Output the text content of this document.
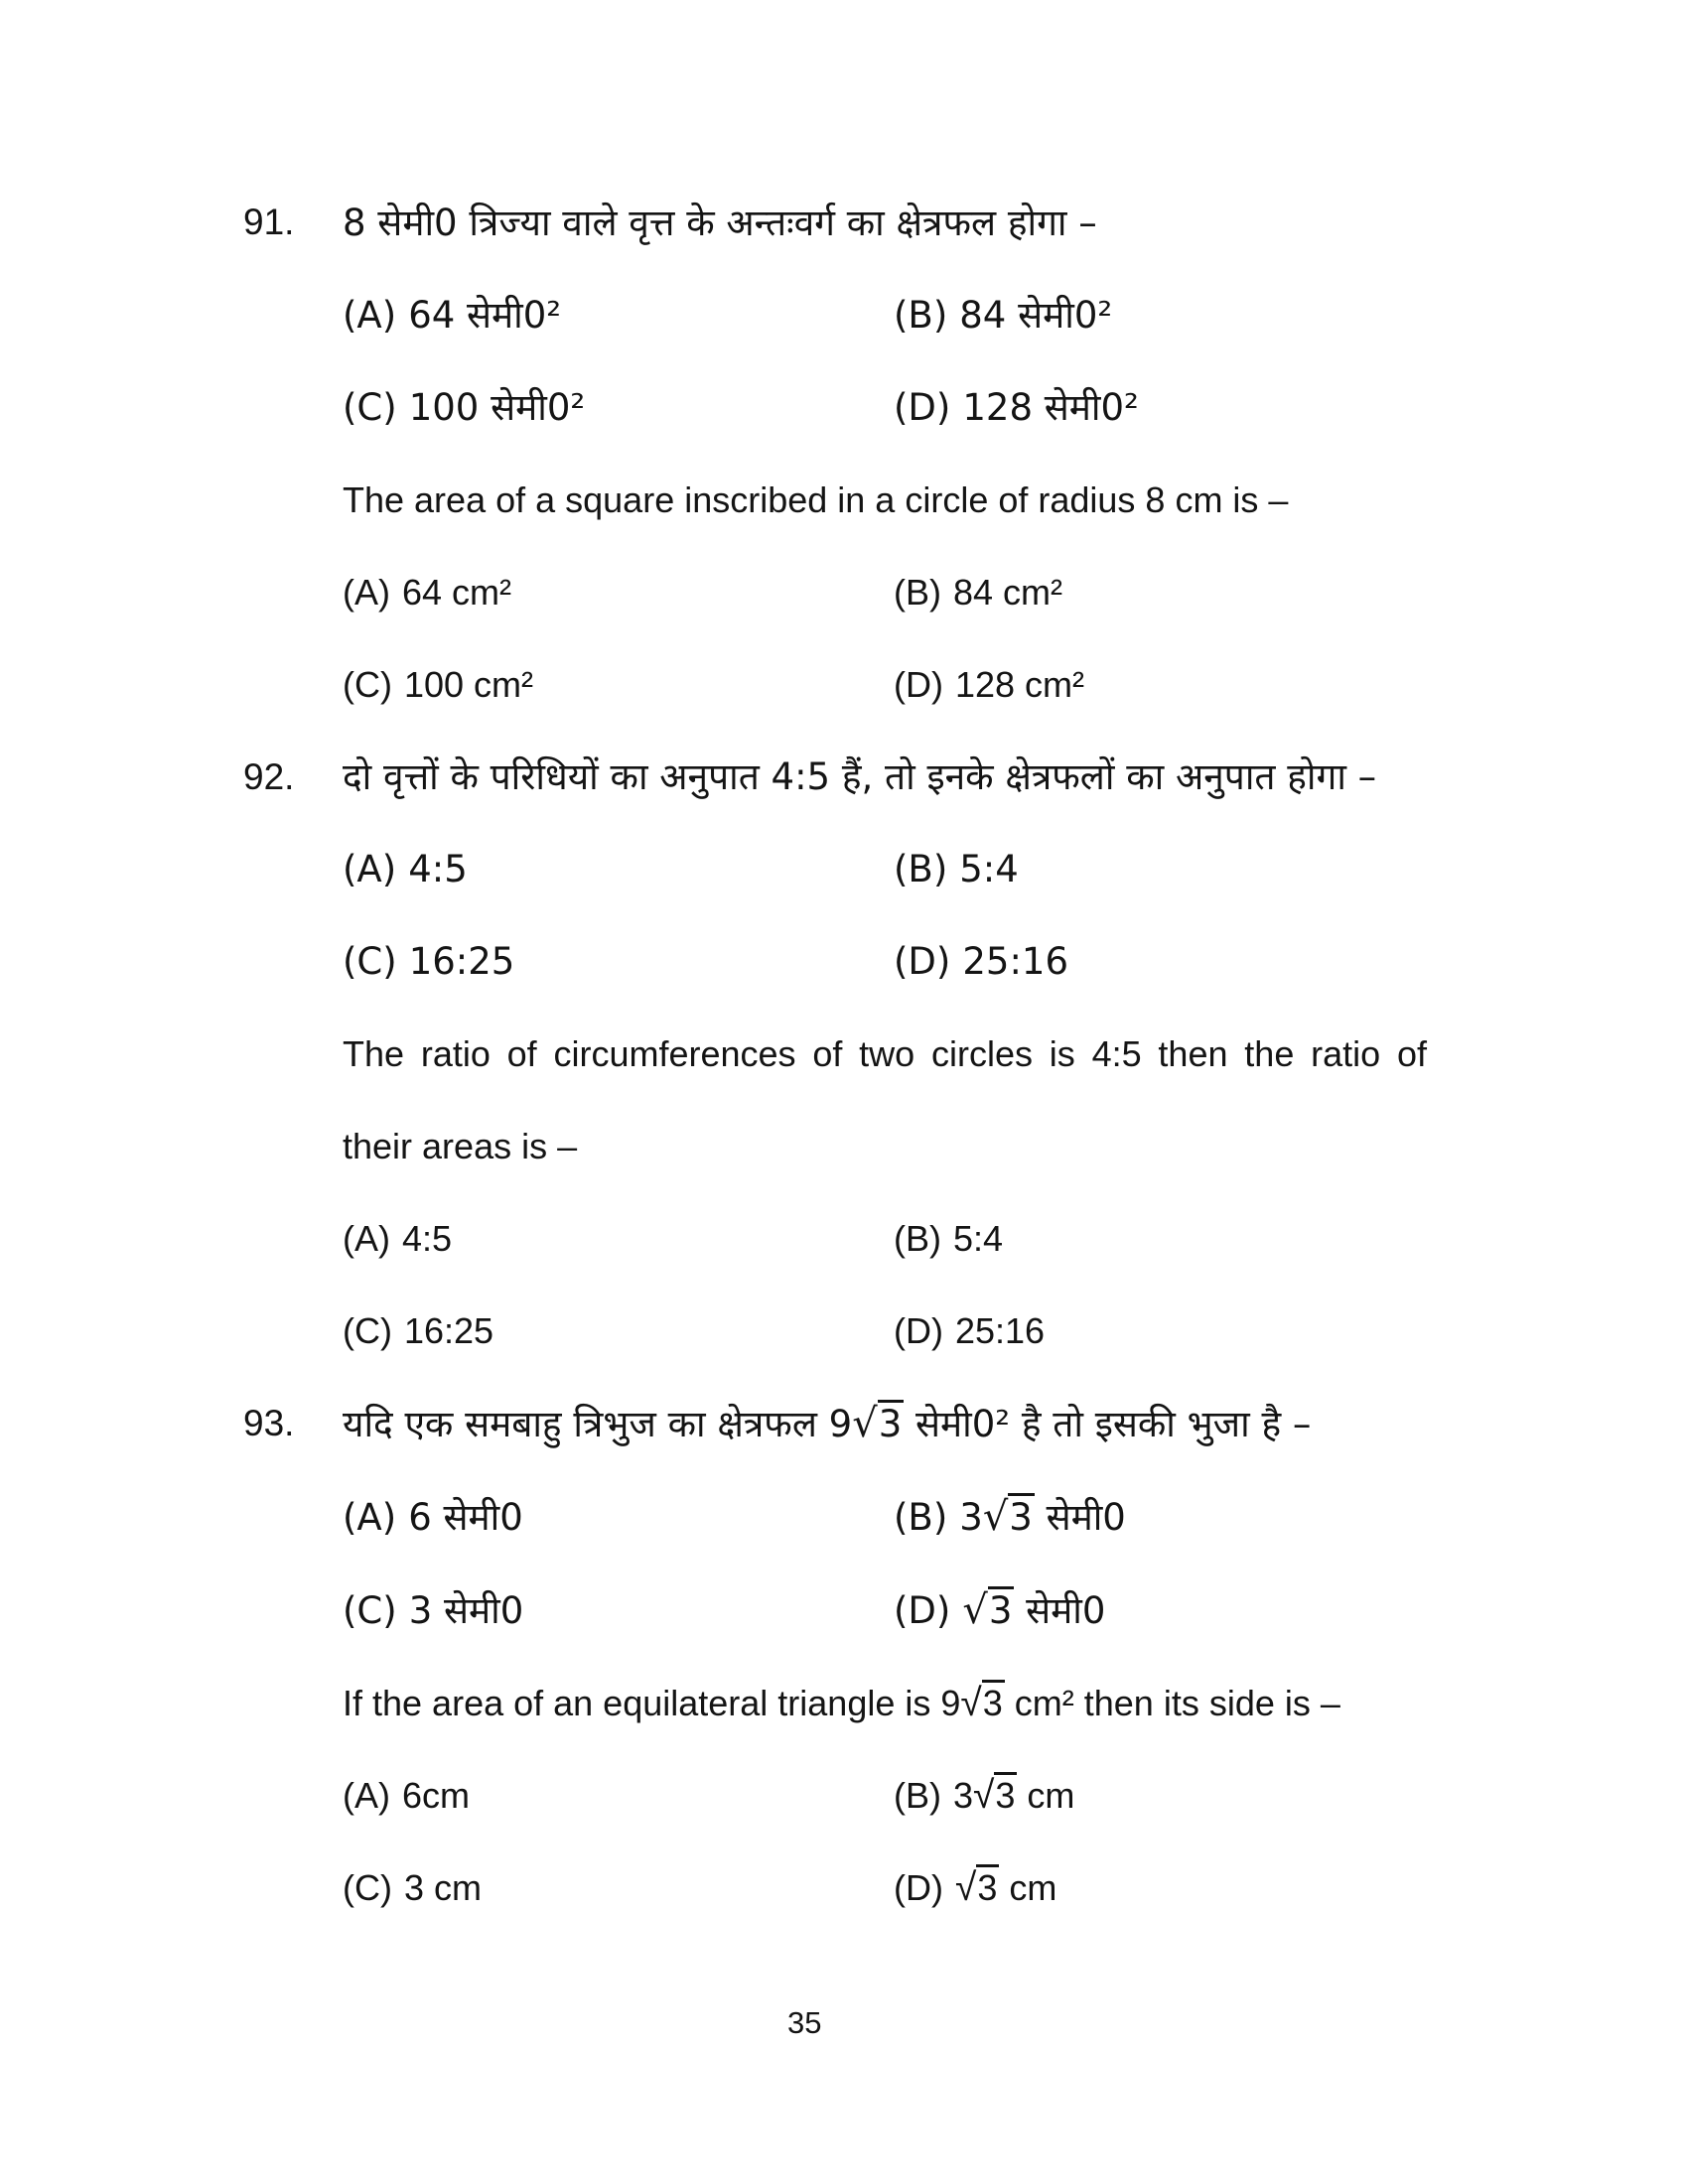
91.	8 सेमी0 त्रिज्या वाले वृत्त के अन्तःवर्ग का क्षेत्रफल होगा –
(A) 64 सेमी0²	(B) 84 सेमी0²
(C) 100 सेमी0²	(D) 128 सेमी0²
The area of a square inscribed in a circle of radius 8 cm is –
(A) 64 cm²	(B) 84 cm²
(C) 100 cm²	(D) 128 cm²
92.	दो वृत्तों के परिधियों का अनुपात 4:5 हैं, तो इनके क्षेत्रफलों का अनुपात होगा –
(A) 4:5	(B) 5:4
(C) 16:25	(D) 25:16
The ratio of circumferences of two circles is 4:5 then the ratio of
their areas is –
(A) 4:5	(B) 5:4
(C) 16:25	(D) 25:16
93.	यदि एक समबाहु त्रिभुज का क्षेत्रफल 9√3 सेमी0² है तो इसकी भुजा है –
(A) 6 सेमी0	(B) 3√3 सेमी0
(C) 3 सेमी0	(D) √3 सेमी0
If the area of an equilateral triangle is 9√3 cm² then its side is –
(A) 6cm	(B) 3√3 cm
(C) 3 cm	(D) √3 cm
35
